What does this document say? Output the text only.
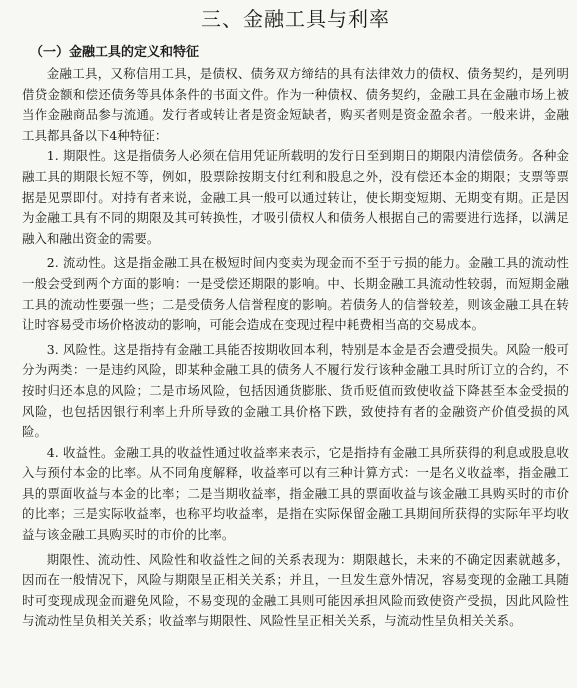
三、金融工具与利率
（一）金融工具的定义和特征

金融工具，又称信用工具，是债权、债务双方缔结的具有法律效力的债权、债务契约，是列明借贷金额和偿还债务等具体条件的书面文件。作为一种债权、债务契约，金融工具在金融市场上被当作金融商品参与流通。发行者或转让者是资金短缺者，购买者则是资金盈余者。一般来讲，金融工具都具备以下4种特征：

1. 期限性。这是指债务人必须在信用凭证所载明的发行日至到期日的期限内清偿债务。各种金融工具的期限长短不等，例如，股票除按期支付红利和股息之外，没有偿还本金的期限；支票等票据是见票即付。对持有者来说，金融工具一般可以通过转让，使长期变短期、无期变有期。正是因为金融工具有不同的期限及其可转换性，才吸引债权人和债务人根据自己的需要进行选择，以满足融入和融出资金的需要。

2. 流动性。这是指金融工具在极短时间内变卖为现金而不至于亏损的能力。金融工具的流动性一般会受到两个方面的影响：一是受偿还期限的影响。中、长期金融工具流动性较弱，而短期金融工具的流动性要强一些；二是受债务人信誉程度的影响。若债务人的信誉较差，则该金融工具在转让时容易受市场价格波动的影响，可能会造成在变现过程中耗费相当高的交易成本。

3. 风险性。这是指持有金融工具能否按期收回本利，特别是本金是否会遭受损失。风险一般可分为两类：一是违约风险，即某种金融工具的债务人不履行发行该种金融工具时所订立的合约，不按时归还本息的风险；二是市场风险，包括因通货膨胀、货币贬值而致使收益下降甚至本金受损的风险，也包括因银行利率上升所导致的金融工具价格下跌，致使持有者的金融资产价值受损的风险。

4. 收益性。金融工具的收益性通过收益率来表示，它是指持有金融工具所获得的利息或股息收入与预付本金的比率。从不同角度解释，收益率可以有三种计算方式：一是名义收益率，指金融工具的票面收益与本金的比率；二是当期收益率，指金融工具的票面收益与该金融工具购买时的市价的比率；三是实际收益率，也称平均收益率，是指在实际保留金融工具期间所获得的实际年平均收益与该金融工具购买时的市价的比率。

期限性、流动性、风险性和收益性之间的关系表现为：期限越长，未来的不确定因素就越多，因而在一般情况下，风险与期限呈正相关关系；并且，一旦发生意外情况，容易变现的金融工具随时可变现成现金而避免风险，不易变现的金融工具则可能因承担风险而致使资产受损，因此风险性与流动性呈负相关关系；收益率与期限性、风险性呈正相关关系，与流动性呈负相关关系。
